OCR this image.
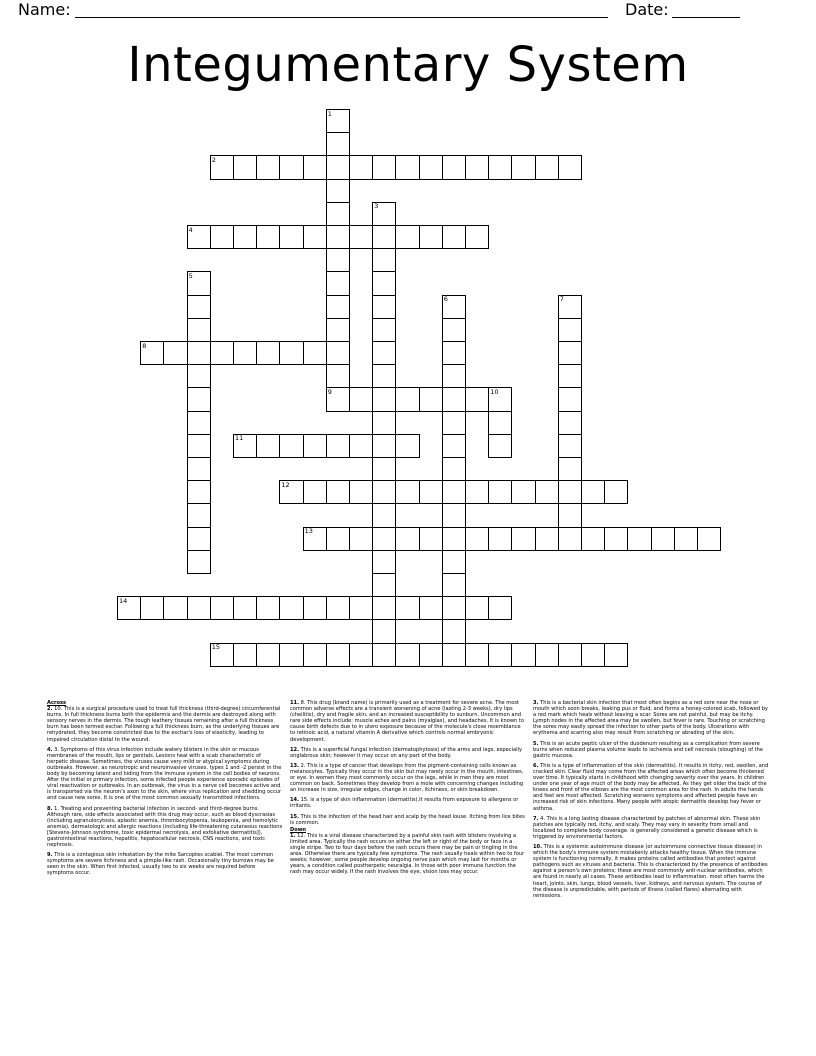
Name:	Date:
Integumentary System
2
4
8
9
11
12
13
14
15
1
3
5
6	7
10

Across

2. 10. This is a surgical procedure used to treat full thickness (third-degree) circumferential burns. In full thickness burns both the epidermis and the dermis are destroyed along with sensory nerves in the dermis. The tough leathery tissues remaining after a full thickness burn has been termed eschar. Following a full thickness burn, as the underlying tissues are rehydrated, they become constricted due to the eschar's loss of elasticity, leading to impaired circulation distal to the wound.

4. 3. Symptoms of this virus infection include watery blisters in the skin or mucous membranes of the mouth, lips or genitals. Lesions heal with a scab characteristic of herpetic disease. Sometimes, the viruses cause very mild or atypical symptoms during outbreaks. However, as neurotropic and neuroinvasive viruses, types 1 and -2 persist in the body by becoming latent and hiding from the immune system in the cell bodies of neurons. After the initial or primary infection, some infected people experience sporadic episodes of viral reactivation or outbreaks. In an outbreak, the virus in a nerve cell becomes active and is transported via the neuron's axon to the skin, where virus replication and shedding occur and cause new sores. It is one of the most common sexually transmitted infections.

8. 1. Treating and preventing bacterial infection in second- and third-degree burns. Although rare, side effects associated with this drug may occur, such as blood dyscrasias (including agranulocytosis, aplastic anemia, thrombocytopenia, leukopenia, and hemolytic anemia), dermatologic and allergic reactions (including life-threatening cutaneous reactions [Stevens-Johnson syndrome, toxic epidermal necrolysis, and exfoliative dermatitis]), gastrointestinal reactions, hepatitis, hepatocellular necrosis, CNS reactions, and toxic nephrosis.

9. This is a contagious skin infestation by the mite Sarcoptes scabiei. The most common symptoms are severe itchiness and a pimple-like rash. Occasionally tiny burrows may be seen in the skin. When first infected, usually two to six weeks are required before symptoms occur.

11. 8. This drug (brand name) is primarily used as a treatment for severe acne. The most common adverse effects are a transient worsening of acne (lasting 2-3 weeks), dry lips (cheilitis), dry and fragile skin, and an increased susceptibility to sunburn. Uncommon and rare side effects include: muscle aches and pains (myalgias), and headaches. It is known to cause birth defects due to in utero exposure because of the molecule's close resemblance to retinoic acid, a natural vitamin A derivative which controls normal embryonic development.

12. This is a superficial fungal infection (dermatophytosis) of the arms and legs, especially onglabrous skin; however it may occur on any part of the body.

13. 2. This is a type of cancer that develops from the pigment-containing cells known as melanocytes. Typically they occur in the skin but may rarely occur in the mouth, intestines, or eye. In women they most commonly occur on the legs, while in men they are most common on back. Sometimes they develop from a mole with concerning changes including an increase in size, irregular edges, change in color, itchiness, or skin breakdown.

14. 15. is a type of skin inflammation (dermatitis).It results from exposure to allergens or irritants.

15. This is the infection of the head hair and scalp by the head louse. Itching from lice bites is common.

Down

1. 12. This is a viral disease characterized by a painful skin rash with blisters involving a limited area. Typically the rash occurs on either the left or right of the body or face in a single stripe. Two to four days before the rash occurs there may be pain or tingling in the area. Otherwise there are typically few symptoms. The rash usually heals within two to four weeks; however, some people develop ongoing nerve pain which may last for months or years, a condition called postherpetic neuralgia. In those with poor immune function the rash may occur widely. If the rash involves the eye, vision loss may occur.

3. This is a bacterial skin infection that most often begins as a red sore near the nose or mouth which soon breaks, leaking pus or fluid, and forms a honey-colored scab, followed by a red mark which heals without leaving a scar. Sores are not painful, but may be itchy. Lymph nodes in the affected area may be swollen, but fever is rare. Touching or scratching the sores may easily spread the infection to other parts of the body. Ulcerations with erythema and scarring also may result from scratching or abrading of the skin.

5. This is an acute peptic ulcer of the duodenum resulting as a complication from severe burns when reduced plasma volume leads to ischemia and cell necrosis (sloughing) of the gastric mucosa.

6. This is a type of inflammation of the skin (dermatitis). It results in itchy, red, swollen, and cracked skin. Clear fluid may come from the affected areas which often become thickened over time. It typically starts in childhood with changing severity over the years. In children under one year of age much of the body may be affected. As they get older the back of the knees and front of the elbows are the most common area for the rash. In adults the hands and feet are most affected. Scratching worsens symptoms and affected people have an increased risk of skin infections. Many people with atopic dermatitis develop hay fever or asthma.

7. 4. This is a long lasting disease characterized by patches of abnormal skin. These skin patches are typically red, itchy, and scaly. They may vary in severity from small and localized to complete body coverage. is generally considered a genetic disease which is triggered by environmental factors.

10. This is a systemic autoimmune disease (or autoimmune connective tissue disease) in which the body's immune system mistakenly attacks healthy tissue. When the immune system is functioning normally, it makes proteins called antibodies that protect against pathogens such as viruses and bacteria. This is characterized by the presence of antibodies against a person's own proteins; these are most commonly anti-nuclear antibodies, which are found in nearly all cases. These antibodies lead to inflammation. most often harms the heart, joints, skin, lungs, blood vessels, liver, kidneys, and nervous system. The course of the disease is unpredictable, with periods of illness (called flares) alternating with remissions.
